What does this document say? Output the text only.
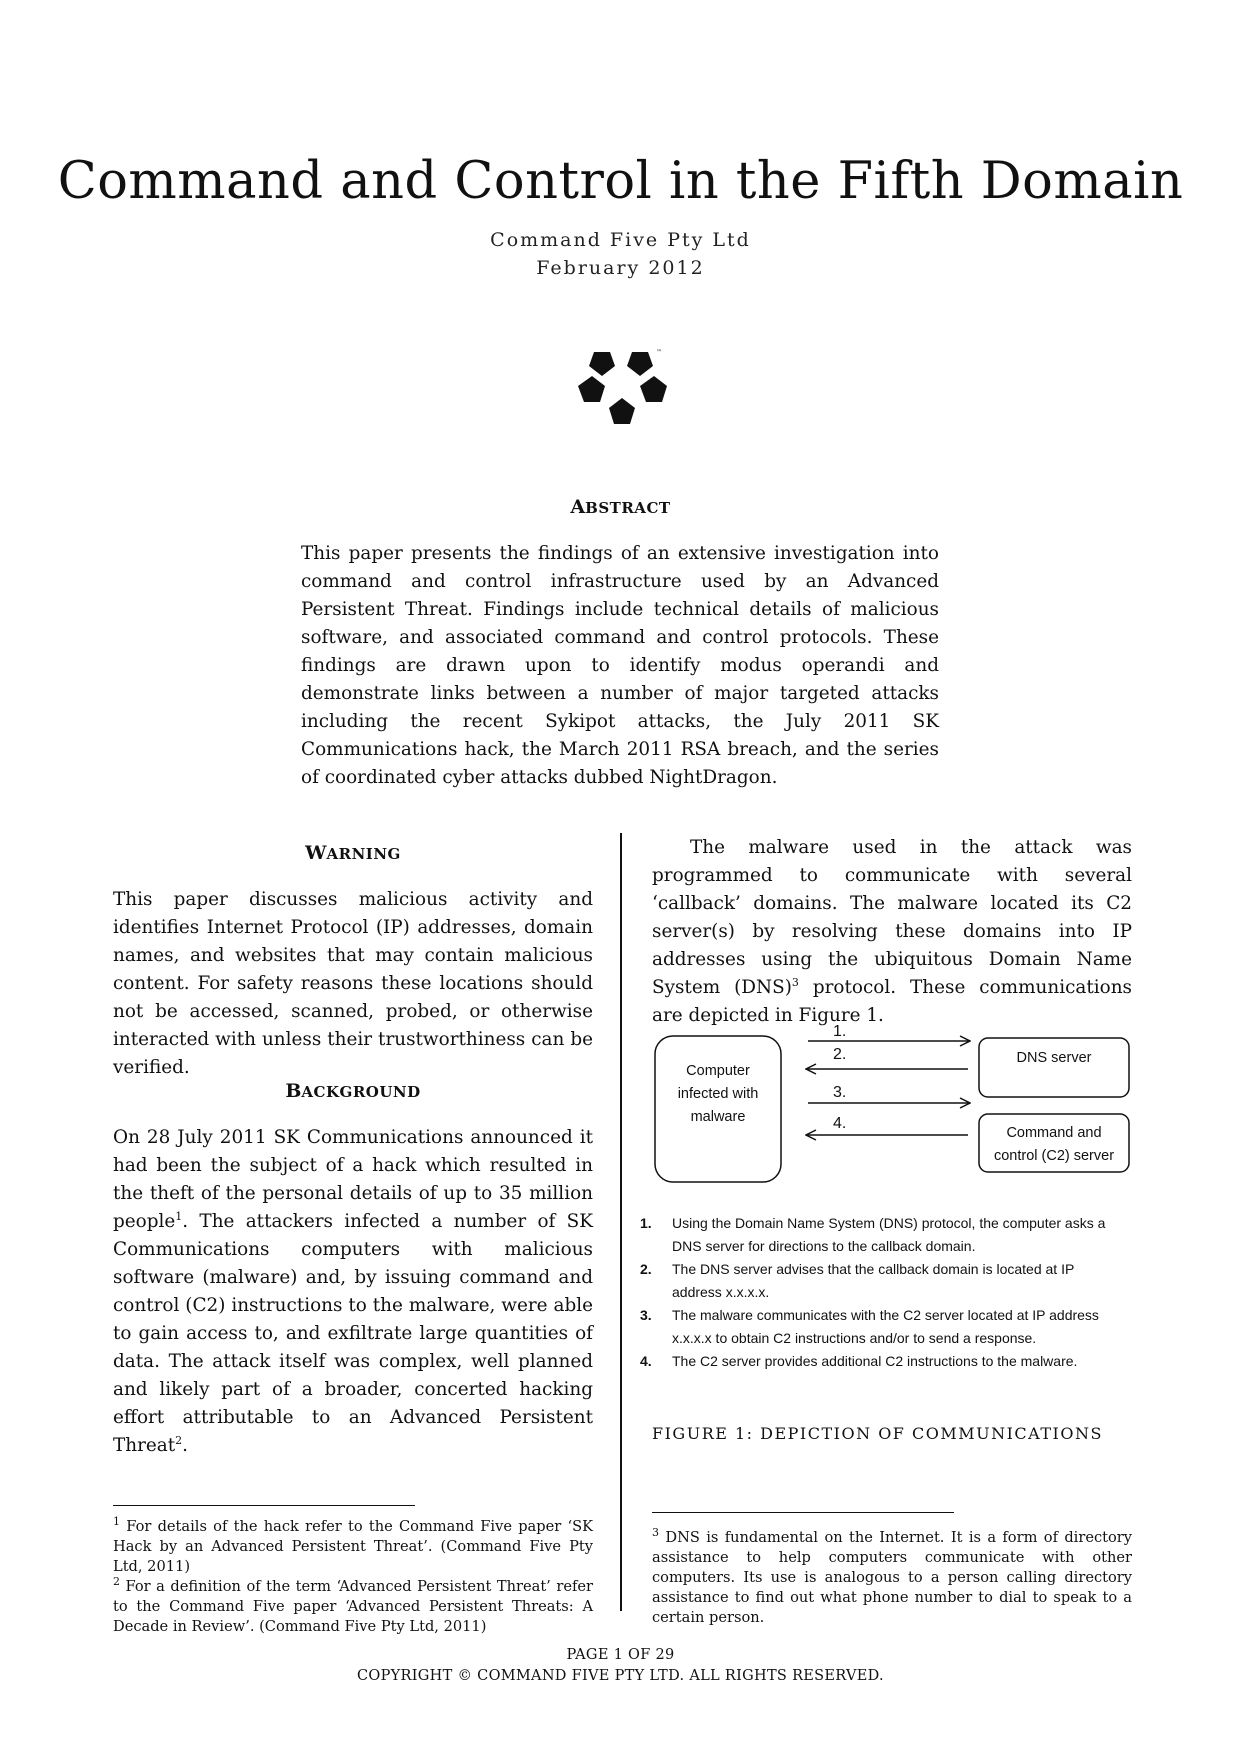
Command and Control in the Fifth Domain
Command Five Pty Ltd
February 2012
™
ABSTRACT
This paper presents the findings of an extensive investigation into command and control infrastructure used by an Advanced Persistent Threat. Findings include technical details of malicious software, and associated command and control protocols. These findings are drawn upon to identify modus operandi and demonstrate links between a number of major targeted attacks including the recent Sykipot attacks, the July 2011 SK Communications hack, the March 2011 RSA breach, and the series of coordinated cyber attacks dubbed NightDragon.
WARNING
This paper discusses malicious activity and identifies Internet Protocol (IP) addresses, domain names, and websites that may contain malicious content. For safety reasons these locations should not be accessed, scanned, probed, or otherwise interacted with unless their trustworthiness can be verified.
BACKGROUND
On 28 July 2011 SK Communications announced it had been the subject of a hack which resulted in the theft of the personal details of up to 35 million people$^1$. The attackers infected a number of SK Communications computers with malicious software (malware) and, by issuing command and control (C2) instructions to the malware, were able to gain access to, and exfiltrate large quantities of data. The attack itself was complex, well planned and likely part of a broader, concerted hacking effort attributable to an Advanced Persistent Threat$^2$.
$^1$ For details of the hack refer to the Command Five paper ‘SK Hack by an Advanced Persistent Threat’. (Command Five Pty Ltd, 2011)
$^2$ For a definition of the term ‘Advanced Persistent Threat’ refer to the Command Five paper ‘Advanced Persistent Threats: A Decade in Review’. (Command Five Pty Ltd, 2011)

The malware used in the attack was programmed to communicate with several ‘callback’ domains. The malware located its C2 server(s) by resolving these domains into IP addresses using the ubiquitous Domain Name System (DNS)$^3$ protocol. These communications are depicted in Figure 1.

Computer
infected with
malware
DNS server
Command and
control (C2) server
1.
2.
3.
4.
1. Using the Domain Name System (DNS) protocol, the computer asks a DNS server for directions to the callback domain.
2. The DNS server advises that the callback domain is located at IP address x.x.x.x.
3. The malware communicates with the C2 server located at IP address x.x.x.x to obtain C2 instructions and/or to send a response.
4. The C2 server provides additional C2 instructions to the malware.
FIGURE 1: DEPICTION OF COMMUNICATIONS
$^3$ DNS is fundamental on the Internet. It is a form of directory assistance to help computers communicate with other computers. Its use is analogous to a person calling directory assistance to find out what phone number to dial to speak to a certain person.
PAGE 1 OF 29
COPYRIGHT © COMMAND FIVE PTY LTD. ALL RIGHTS RESERVED.
